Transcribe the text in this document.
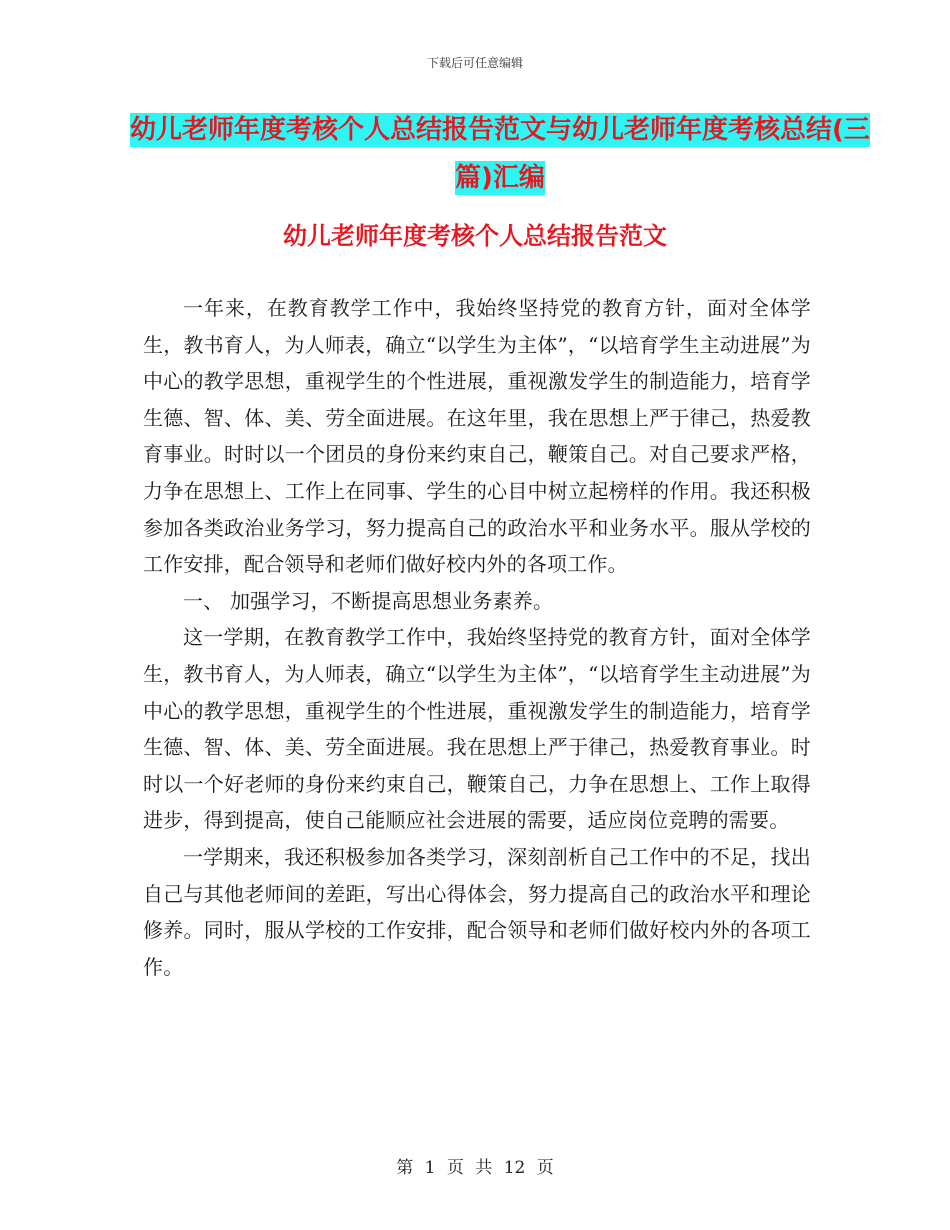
下载后可任意编辑
幼儿老师年度考核个人总结报告范文与幼儿老师年度考核总结(三篇)汇编
幼儿老师年度考核个人总结报告范文

一年来，在教育教学工作中，我始终坚持党的教育方针，面对全体学生，教书育人，为人师表，确立“以学生为主体”，“以培育学生主动进展”为中心的教学思想，重视学生的个性进展，重视激发学生的制造能力，培育学生德、智、体、美、劳全面进展。在这年里，我在思想上严于律己，热爱教育事业。时时以一个团员的身份来约束自己，鞭策自己。对自己要求严格，力争在思想上、工作上在同事、学生的心目中树立起榜样的作用。我还积极参加各类政治业务学习，努力提高自己的政治水平和业务水平。服从学校的工作安排，配合领导和老师们做好校内外的各项工作。

一、 加强学习，不断提高思想业务素养。

这一学期，在教育教学工作中，我始终坚持党的教育方针，面对全体学生，教书育人，为人师表，确立“以学生为主体”，“以培育学生主动进展”为中心的教学思想，重视学生的个性进展，重视激发学生的制造能力，培育学生德、智、体、美、劳全面进展。我在思想上严于律己，热爱教育事业。时时以一个好老师的身份来约束自己，鞭策自己，力争在思想上、工作上取得进步，得到提高，使自己能顺应社会进展的需要，适应岗位竞聘的需要。

一学期来，我还积极参加各类学习，深刻剖析自己工作中的不足，找出自己与其他老师间的差距，写出心得体会，努力提高自己的政治水平和理论修养。同时，服从学校的工作安排，配合领导和老师们做好校内外的各项工作。

第 1 页 共 12 页
